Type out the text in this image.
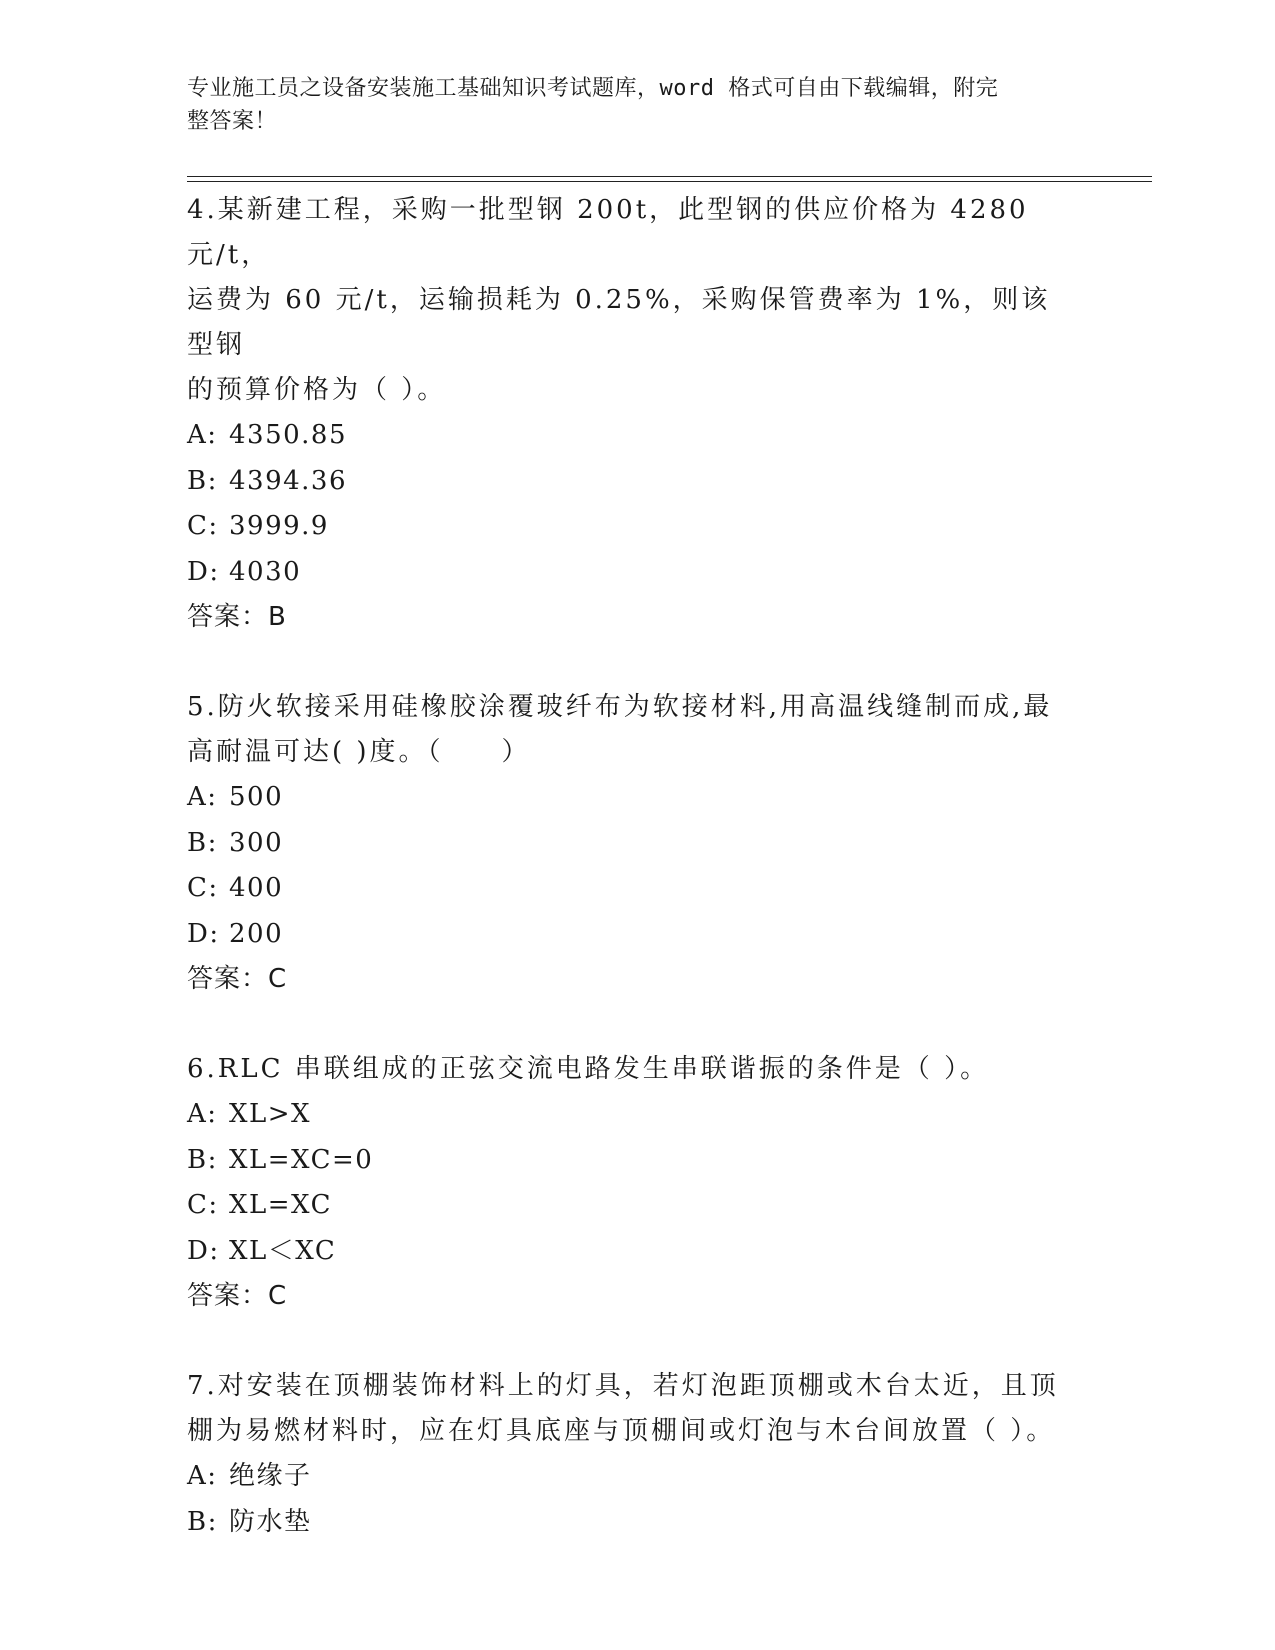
专业施工员之设备安装施工基础知识考试题库，word 格式可自由下载编辑，附完
整答案！
4.某新建工程，采购一批型钢 200t，此型钢的供应价格为 4280 元/t，
运费为 60 元/t，运输损耗为 0.25%，采购保管费率为 1%，则该型钢
的预算价格为（ ）。
A: 4350.85
B: 4394.36
C: 3999.9
D: 4030
答案：B
5.防火软接采用硅橡胶涂覆玻纤布为软接材料,用高温线缝制而成,最
高耐温可达( )度。（　　）
A: 500
B: 300
C: 400
D: 200
答案：C
6.RLC 串联组成的正弦交流电路发生串联谐振的条件是（ ）。
A: XL>X
B: XL=XC=0
C: XL=XC
D: XL＜XC
答案：C
7.对安装在顶棚装饰材料上的灯具，若灯泡距顶棚或木台太近，且顶
棚为易燃材料时，应在灯具底座与顶棚间或灯泡与木台间放置（ ）。
A: 绝缘子
B: 防水垫
